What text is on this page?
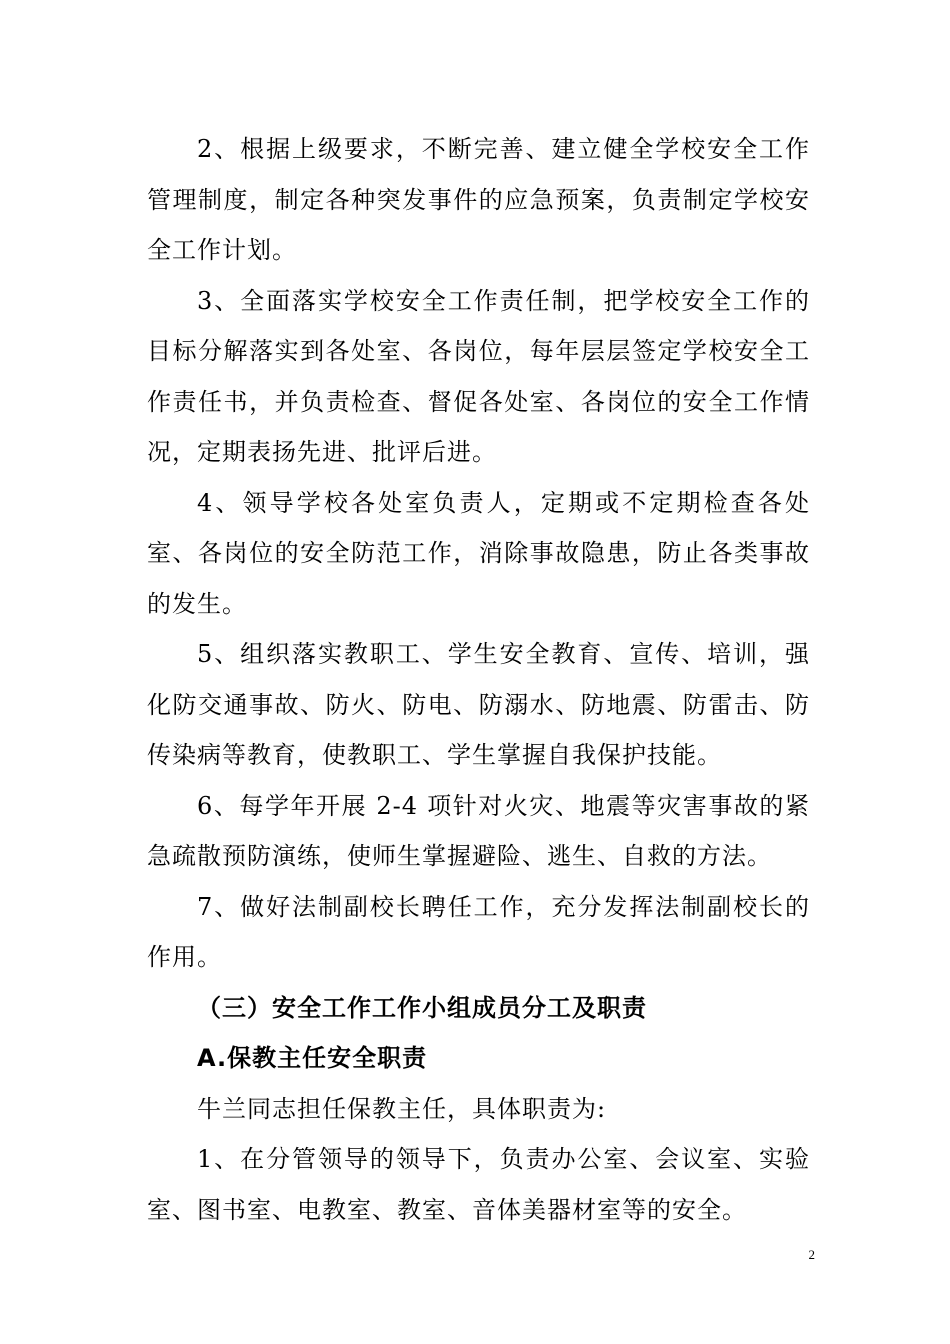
2、根据上级要求，不断完善、建立健全学校安全工作管理制度，制定各种突发事件的应急预案，负责制定学校安全工作计划。

3、全面落实学校安全工作责任制，把学校安全工作的目标分解落实到各处室、各岗位，每年层层签定学校安全工作责任书，并负责检查、督促各处室、各岗位的安全工作情况，定期表扬先进、批评后进。

4、领导学校各处室负责人，定期或不定期检查各处室、各岗位的安全防范工作，消除事故隐患，防止各类事故的发生。

5、组织落实教职工、学生安全教育、宣传、培训，强化防交通事故、防火、防电、防溺水、防地震、防雷击、防传染病等教育，使教职工、学生掌握自我保护技能。

6、每学年开展 2-4 项针对火灾、地震等灾害事故的紧急疏散预防演练，使师生掌握避险、逃生、自救的方法。

7、做好法制副校长聘任工作，充分发挥法制副校长的作用。

（三）安全工作工作小组成员分工及职责

A.保教主任安全职责

牛兰同志担任保教主任，具体职责为:

1、在分管领导的领导下，负责办公室、会议室、实验室、图书室、电教室、教室、音体美器材室等的安全。

2
